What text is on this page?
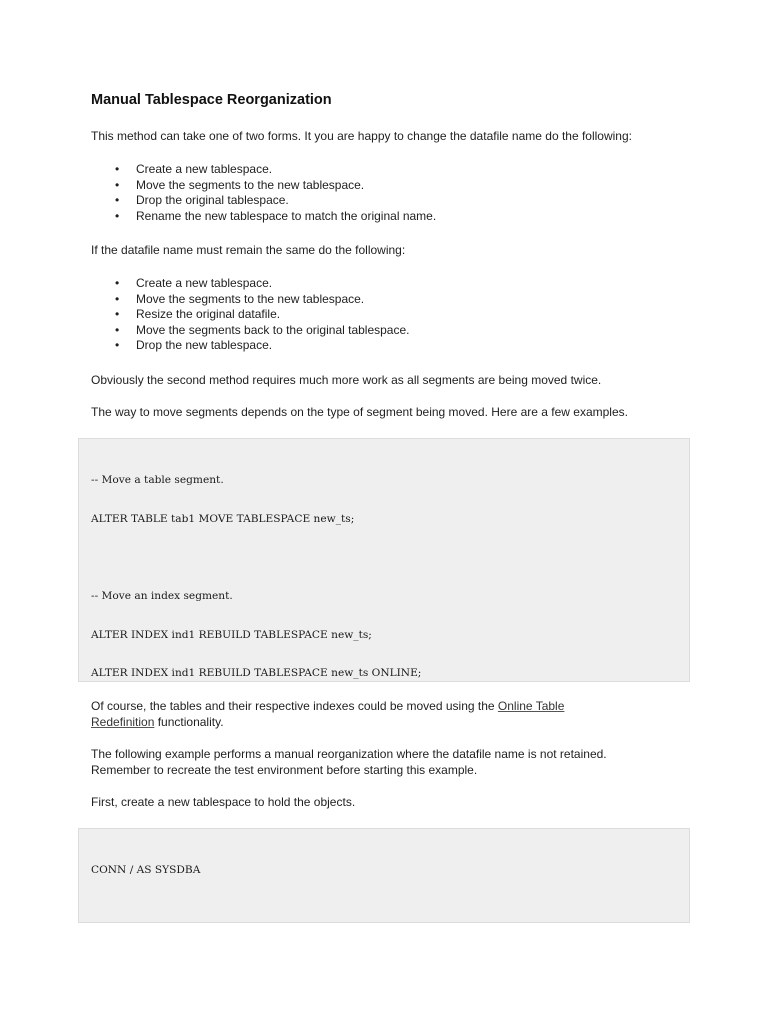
Manual Tablespace Reorganization

This method can take one of two forms. It you are happy to change the datafile name do the following:

• Create a new tablespace.
• Move the segments to the new tablespace.
• Drop the original tablespace.
• Rename the new tablespace to match the original name.

If the datafile name must remain the same do the following:

• Create a new tablespace.
• Move the segments to the new tablespace.
• Resize the original datafile.
• Move the segments back to the original tablespace.
• Drop the new tablespace.

Obviously the second method requires much more work as all segments are being moved twice.

The way to move segments depends on the type of segment being moved. Here are a few examples.

-- Move a table segment.

ALTER TABLE tab1 MOVE TABLESPACE new_ts;

-- Move an index segment.

ALTER INDEX ind1 REBUILD TABLESPACE new_ts;

ALTER INDEX ind1 REBUILD TABLESPACE new_ts ONLINE;

Of course, the tables and their respective indexes could be moved using the Online Table
Redefinition functionality.

The following example performs a manual reorganization where the datafile name is not retained.
Remember to recreate the test environment before starting this example.

First, create a new tablespace to hold the objects.

CONN / AS SYSDBA
